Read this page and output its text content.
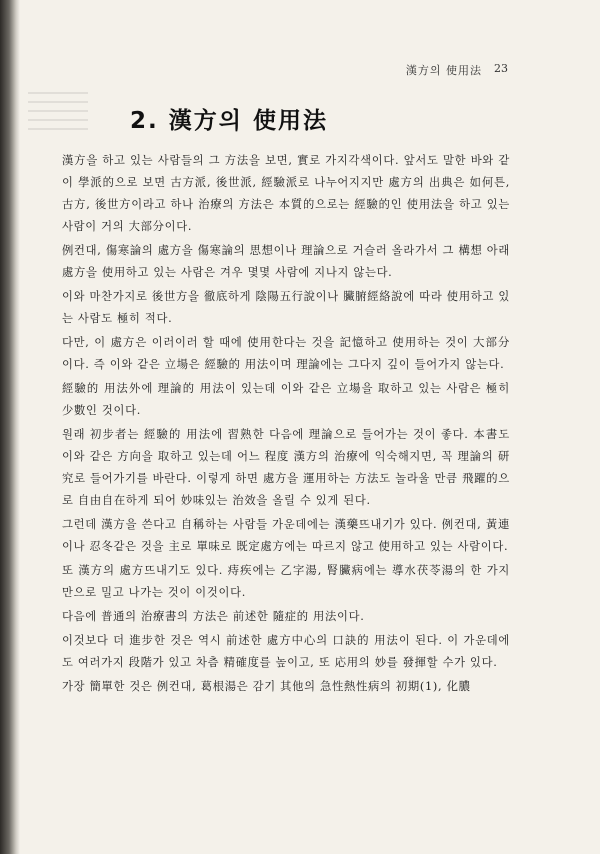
漢方의 使用法 23
2. 漢方의 使用法

漢方을 하고 있는 사람들의 그 方法을 보면, 實로 가지각색이다. 앞서도 말한 바와 같이 學派的으로 보면 古方派, 後世派, 經驗派로 나누어지지만 處方의 出典은 如何튼, 古方, 後世方이라고 하나 治療의 方法은 本質的으로는 經驗的인 使用法을 하고 있는 사람이 거의 大部分이다.

例컨대, 傷寒論의 處方을 傷寒論의 思想이나 理論으로 거슬러 올라가서 그 構想 아래 處方을 使用하고 있는 사람은 겨우 몇몇 사람에 지나지 않는다.

이와 마찬가지로 後世方을 徹底하게 陰陽五行說이나 臟腑經絡說에 따라 使用하고 있는 사람도 極히 적다.

다만, 이 處方은 이러이러 할 때에 使用한다는 것을 記憶하고 使用하는 것이 大部分이다. 즉 이와 같은 立場은 經驗的 用法이며 理論에는 그다지 깊이 들어가지 않는다.

經驗的 用法外에 理論的 用法이 있는데 이와 같은 立場을 取하고 있는 사람은 極히 少數인 것이다.

원래 初步者는 經驗的 用法에 習熟한 다음에 理論으로 들어가는 것이 좋다. 本書도 이와 같은 方向을 取하고 있는데 어느 程度 漢方의 治療에 익숙해지면, 꼭 理論의 研究로 들어가기를 바란다. 이렇게 하면 處方을 運用하는 方法도 놀라울 만큼 飛躍的으로 自由自在하게 되어 妙味있는 治效을 올릴 수 있게 된다.

그런데 漢方을 쓴다고 自稱하는 사람들 가운데에는 漢藥뜨내기가 있다. 例컨대, 黃連이나 忍冬같은 것을 主로 單味로 既定處方에는 따르지 않고 使用하고 있는 사람이다.

또 漢方의 處方뜨내기도 있다. 痔疾에는 乙字湯, 腎臟病에는 導水茯苓湯의 한 가지만으로 밀고 나가는 것이 이것이다.

다음에 普通의 治療書의 方法은 前述한 隨症的 用法이다.

이것보다 더 進步한 것은 역시 前述한 處方中心의 口訣的 用法이 된다. 이 가운데에도 여러가지 段階가 있고 차츰 精確度를 높이고, 또 応用의 妙를 發揮할 수가 있다.

가장 簡單한 것은 例컨대, 葛根湯은 감기 其他의 急性熱性病의 初期(1), 化膿
